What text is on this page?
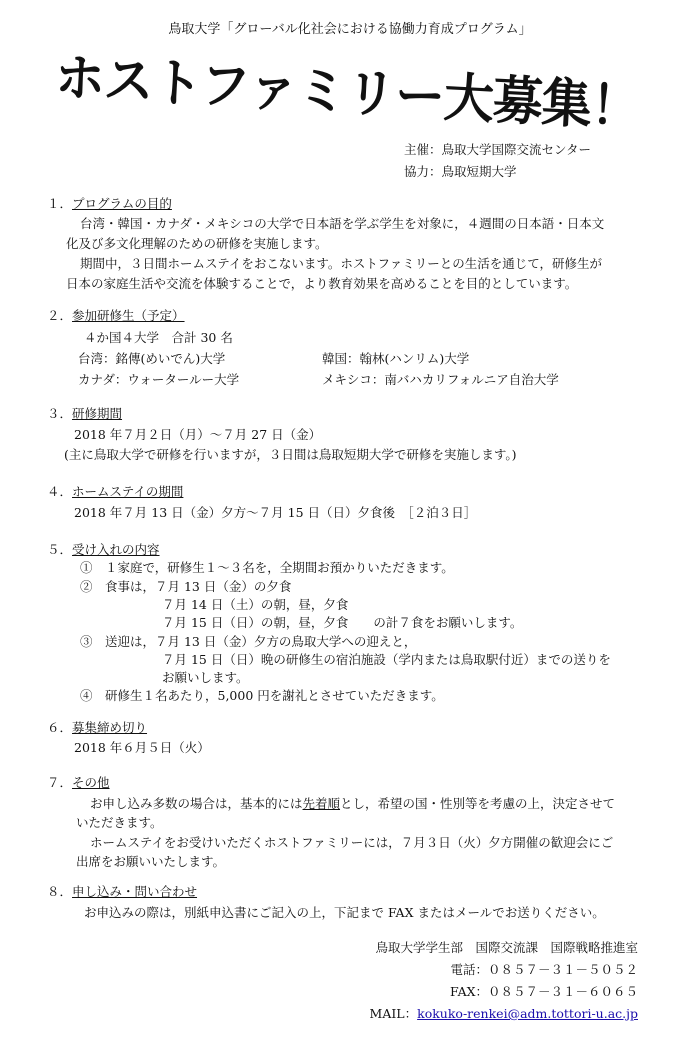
鳥取大学「グローバル化社会における協働力育成プログラム」
ホストファミリー大募集！
主催：鳥取大学国際交流センター
協力：鳥取短期大学
１．プログラムの目的
台湾・韓国・カナダ・メキシコの大学で日本語を学ぶ学生を対象に，４週間の日本語・日本文
化及び多文化理解のための研修を実施します。
期間中，３日間ホームステイをおこないます。ホストファミリーとの生活を通じて，研修生が
日本の家庭生活や交流を体験することで，より教育効果を高めることを目的としています。
２．参加研修生（予定）
４か国４大学　合計 30 名
台湾：銘傳(めいでん)大学	韓国：翰林(ハンリム)大学
カナダ：ウォータールー大学	メキシコ：南バハカリフォルニア自治大学
３．研修期間
2018 年７月２日（月）～７月 27 日（金）
(主に鳥取大学で研修を行いますが，３日間は鳥取短期大学で研修を実施します。)
４．ホームステイの期間
2018 年７月 13 日（金）夕方～７月 15 日（日）夕食後　［２泊３日］
５．受け入れの内容
①　１家庭で，研修生１～３名を，全期間お預かりいただきます。
②　食事は，７月 13 日（金）の夕食
７月 14 日（土）の朝，昼，夕食
７月 15 日（日）の朝，昼，夕食　　の計７食をお願いします。
③　送迎は，７月 13 日（金）夕方の鳥取大学への迎えと，
７月 15 日（日）晩の研修生の宿泊施設（学内または鳥取駅付近）までの送りを
お願いします。
④　研修生１名あたり，5,000 円を謝礼とさせていただきます。
６．募集締め切り
2018 年６月５日（火）
７．その他
お申し込み多数の場合は，基本的には先着順とし，希望の国・性別等を考慮の上，決定させて
いただきます。
ホームステイをお受けいただくホストファミリーには，７月３日（火）夕方開催の歓迎会にご
出席をお願いいたします。
８．申し込み・問い合わせ
お申込みの際は，別紙申込書にご記入の上，下記まで FAX またはメールでお送りください。
鳥取大学学生部　国際交流課　国際戦略推進室
電話：０８５７－３１－５０５２
FAX：０８５７－３１－６０６５
MAIL：kokuko-renkei@adm.tottori-u.ac.jp
